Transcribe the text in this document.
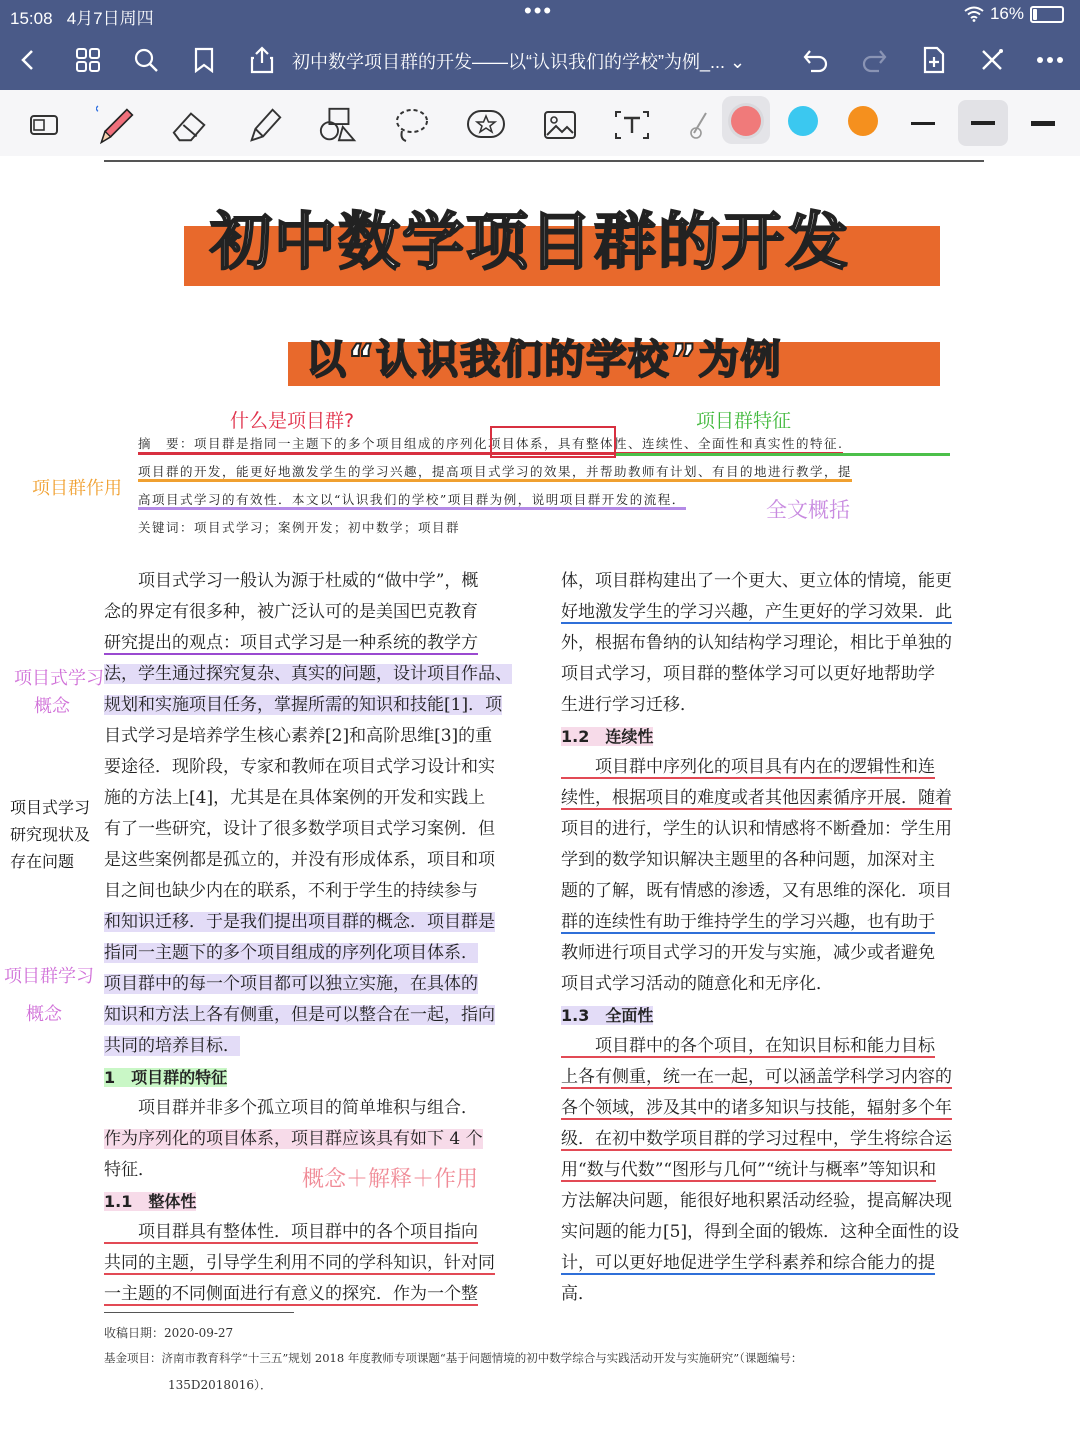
15:08 4月7日周四	•••	16%
初中数学项目群的开发——以“认识我们的学校”为例_... ⌄
初中数学项目群的开发
以“认识我们的学校”为例
什么是项目群?	项目群特征
项目群作用
全文概括
摘　要：项目群是指同一主题下的多个项目组成的序列化项目体系，具有整体性、连续性、全面性和真实性的特征.
项目群的开发，能更好地激发学生的学习兴趣，提高项目式学习的效果，并帮助教师有计划、有目的地进行教学，提
高项目式学习的有效性．本文以“认识我们的学校”项目群为例，说明项目群开发的流程．
关键词：项目式学习；案例开发；初中数学；项目群
项目式学习
概念
项目式学习
研究现状及
存在问题
项目群学习
概念
概念＋解释＋作用
　　项目式学习一般认为源于杜威的“做中学”，概
念的界定有很多种，被广泛认可的是美国巴克教育
研究提出的观点：项目式学习是一种系统的教学方
法，学生通过探究复杂、真实的问题，设计项目作品、
规划和实施项目任务，掌握所需的知识和技能[1]．项
目式学习是培养学生核心素养[2]和高阶思维[3]的重
要途径．现阶段，专家和教师在项目式学习设计和实
施的方法上[4]，尤其是在具体案例的开发和实践上
有了一些研究，设计了很多数学项目式学习案例．但
是这些案例都是孤立的，并没有形成体系，项目和项
目之间也缺少内在的联系，不利于学生的持续参与
和知识迁移．于是我们提出项目群的概念．项目群是
指同一主题下的多个项目组成的序列化项目体系．
项目群中的每一个项目都可以独立实施，在具体的
知识和方法上各有侧重，但是可以整合在一起，指向
共同的培养目标．
1　项目群的特征
　　项目群并非多个孤立项目的简单堆积与组合．
作为序列化的项目体系，项目群应该具有如下 4 个
特征．
1.1　整体性
　　项目群具有整体性．项目群中的各个项目指向
共同的主题，引导学生利用不同的学科知识，针对同
一主题的不同侧面进行有意义的探究．作为一个整
体，项目群构建出了一个更大、更立体的情境，能更
好地激发学生的学习兴趣，产生更好的学习效果．此
外，根据布鲁纳的认知结构学习理论，相比于单独的
项目式学习，项目群的整体学习可以更好地帮助学
生进行学习迁移．
1.2　连续性
　　项目群中序列化的项目具有内在的逻辑性和连
续性，根据项目的难度或者其他因素循序开展．随着
项目的进行，学生的认识和情感将不断叠加：学生用
学到的数学知识解决主题里的各种问题，加深对主
题的了解，既有情感的渗透，又有思维的深化．项目
群的连续性有助于维持学生的学习兴趣，也有助于
教师进行项目式学习的开发与实施，减少或者避免
项目式学习活动的随意化和无序化．
1.3　全面性
　　项目群中的各个项目，在知识目标和能力目标
上各有侧重，统一在一起，可以涵盖学科学习内容的
各个领域，涉及其中的诸多知识与技能，辐射多个年
级．在初中数学项目群的学习过程中，学生将综合运
用“数与代数”“图形与几何”“统计与概率”等知识和
方法解决问题，能很好地积累活动经验，提高解决现
实问题的能力[5]，得到全面的锻炼．这种全面性的设
计，可以更好地促进学生学科素养和综合能力的提
高．
收稿日期：2020-09-27
基金项目：济南市教育科学“十三五”规划 2018 年度教师专项课题“基于问题情境的初中数学综合与实践活动开发与实施研究”（课题编号：
135D2018016）．
